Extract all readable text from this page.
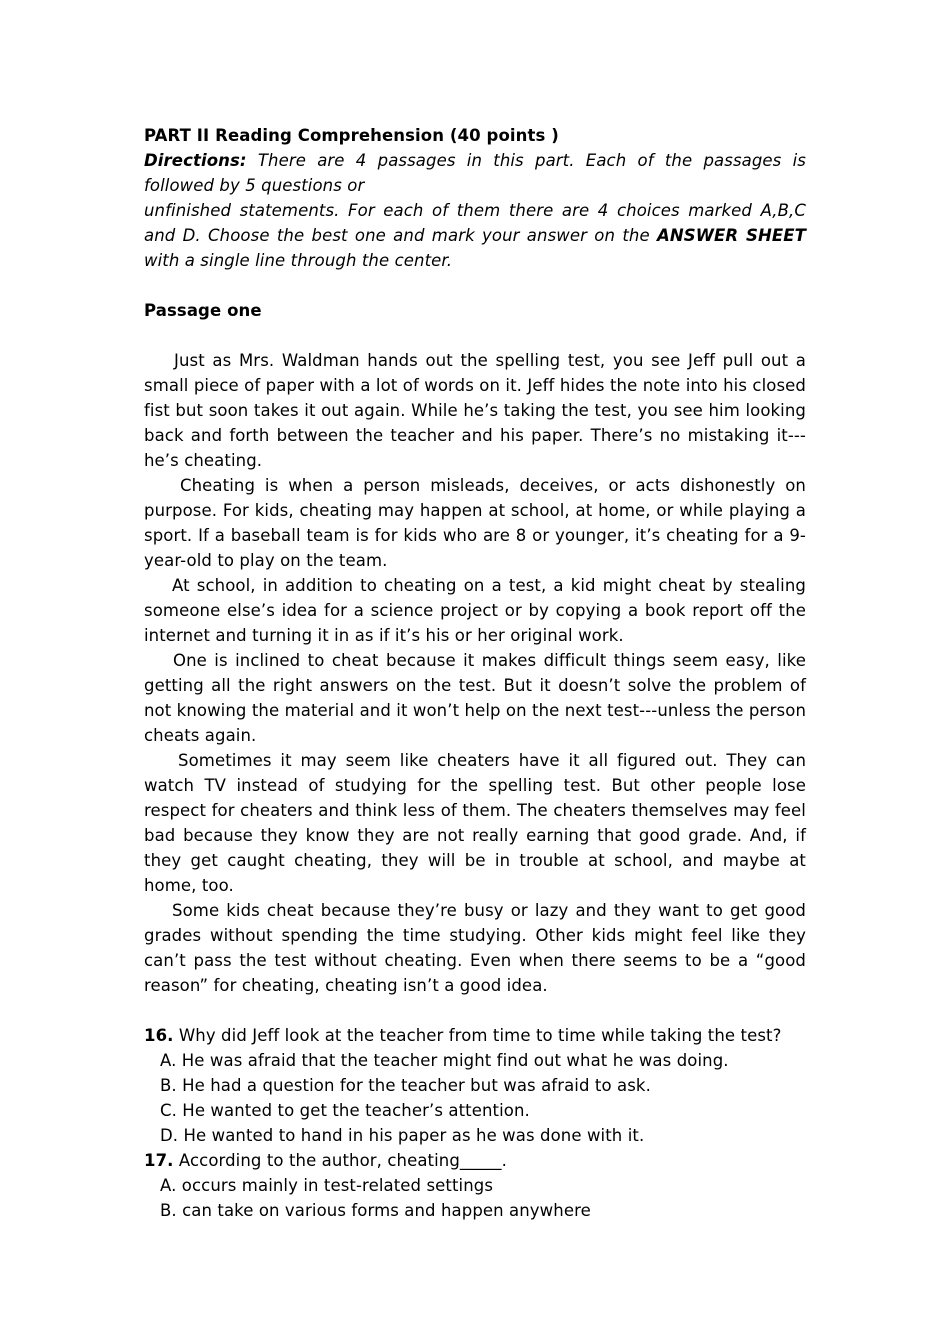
PART II Reading Comprehension (40 points )
Directions: There are 4 passages in this part. Each of the passages is followed by 5 questions or
unfinished statements. For each of them there are 4 choices marked A,B,C and D. Choose the best one and mark your answer on the ANSWER SHEET with a single line through the center.
Passage one

Just as Mrs. Waldman hands out the spelling test, you see Jeff pull out a small piece of paper with a lot of words on it. Jeff hides the note into his closed fist but soon takes it out again. While he’s taking the test, you see him looking back and forth between the teacher and his paper. There’s no mistaking it---he’s cheating.

Cheating is when a person misleads, deceives, or acts dishonestly on purpose. For kids, cheating may happen at school, at home, or while playing a sport. If a baseball team is for kids who are 8 or younger, it’s cheating for a 9-year-old to play on the team.

At school, in addition to cheating on a test, a kid might cheat by stealing someone else’s idea for a science project or by copying a book report off the internet and turning it in as if it’s his or her original work.

One is inclined to cheat because it makes difficult things seem easy, like getting all the right answers on the test. But it doesn’t solve the problem of not knowing the material and it won’t help on the next test---unless the person cheats again.

Sometimes it may seem like cheaters have it all figured out. They can watch TV instead of studying for the spelling test. But other people lose respect for cheaters and think less of them. The cheaters themselves may feel bad because they know they are not really earning that good grade. And, if they get caught cheating, they will be in trouble at school, and maybe at home, too.

Some kids cheat because they’re busy or lazy and they want to get good grades without spending the time studying. Other kids might feel like they can’t pass the test without cheating. Even when there seems to be a “good reason” for cheating, cheating isn’t a good idea.

16. Why did Jeff look at the teacher from time to time while taking the test?
A. He was afraid that the teacher might find out what he was doing.
B. He had a question for the teacher but was afraid to ask.
C. He wanted to get the teacher’s attention.
D. He wanted to hand in his paper as he was done with it.
17. According to the author, cheating_____.
A. occurs mainly in test-related settings
B. can take on various forms and happen anywhere
